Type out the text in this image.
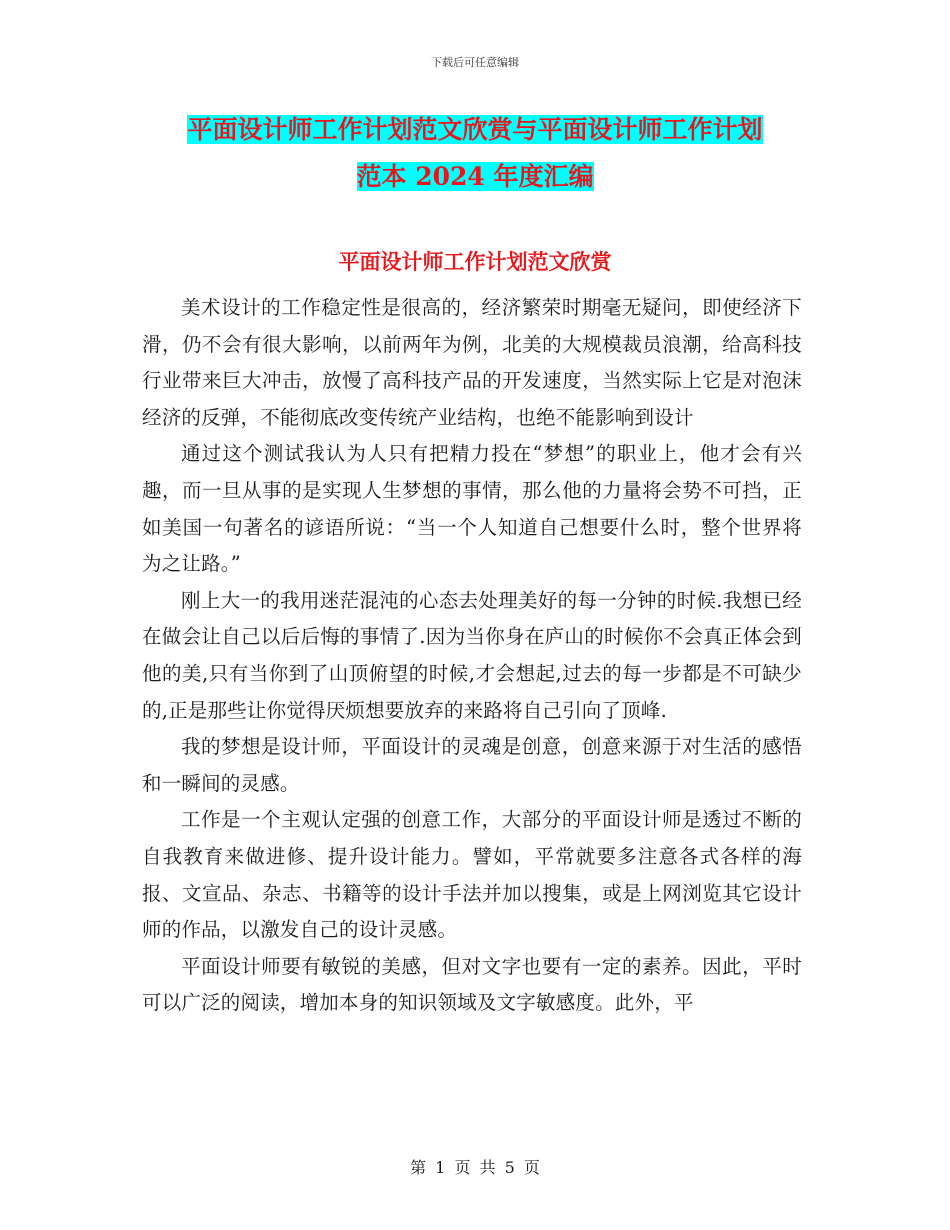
下载后可任意编辑
平面设计师工作计划范文欣赏与平面设计师工作计划
范本 2024 年度汇编
平面设计师工作计划范文欣赏

美术设计的工作稳定性是很高的，经济繁荣时期毫无疑问，即使经济下滑，仍不会有很大影响，以前两年为例，北美的大规模裁员浪潮，给高科技行业带来巨大冲击，放慢了高科技产品的开发速度，当然实际上它是对泡沫经济的反弹，不能彻底改变传统产业结构，也绝不能影响到设计

通过这个测试我认为人只有把精力投在“梦想”的职业上，他才会有兴趣，而一旦从事的是实现人生梦想的事情，那么他的力量将会势不可挡，正如美国一句著名的谚语所说：“当一个人知道自己想要什么时，整个世界将为之让路。”

刚上大一的我用迷茫混沌的心态去处理美好的每一分钟的时候.我想已经在做会让自己以后后悔的事情了.因为当你身在庐山的时候你不会真正体会到他的美,只有当你到了山顶俯望的时候,才会想起,过去的每一步都是不可缺少的,正是那些让你觉得厌烦想要放弃的来路将自己引向了顶峰.

我的梦想是设计师，平面设计的灵魂是创意，创意来源于对生活的感悟和一瞬间的灵感。

工作是一个主观认定强的创意工作，大部分的平面设计师是透过不断的自我教育来做进修、提升设计能力。譬如，平常就要多注意各式各样的海报、文宣品、杂志、书籍等的设计手法并加以搜集，或是上网浏览其它设计师的作品，以激发自己的设计灵感。

平面设计师要有敏锐的美感，但对文字也要有一定的素养。因此，平时可以广泛的阅读，增加本身的知识领域及文字敏感度。此外，平

第 1 页 共 5 页
